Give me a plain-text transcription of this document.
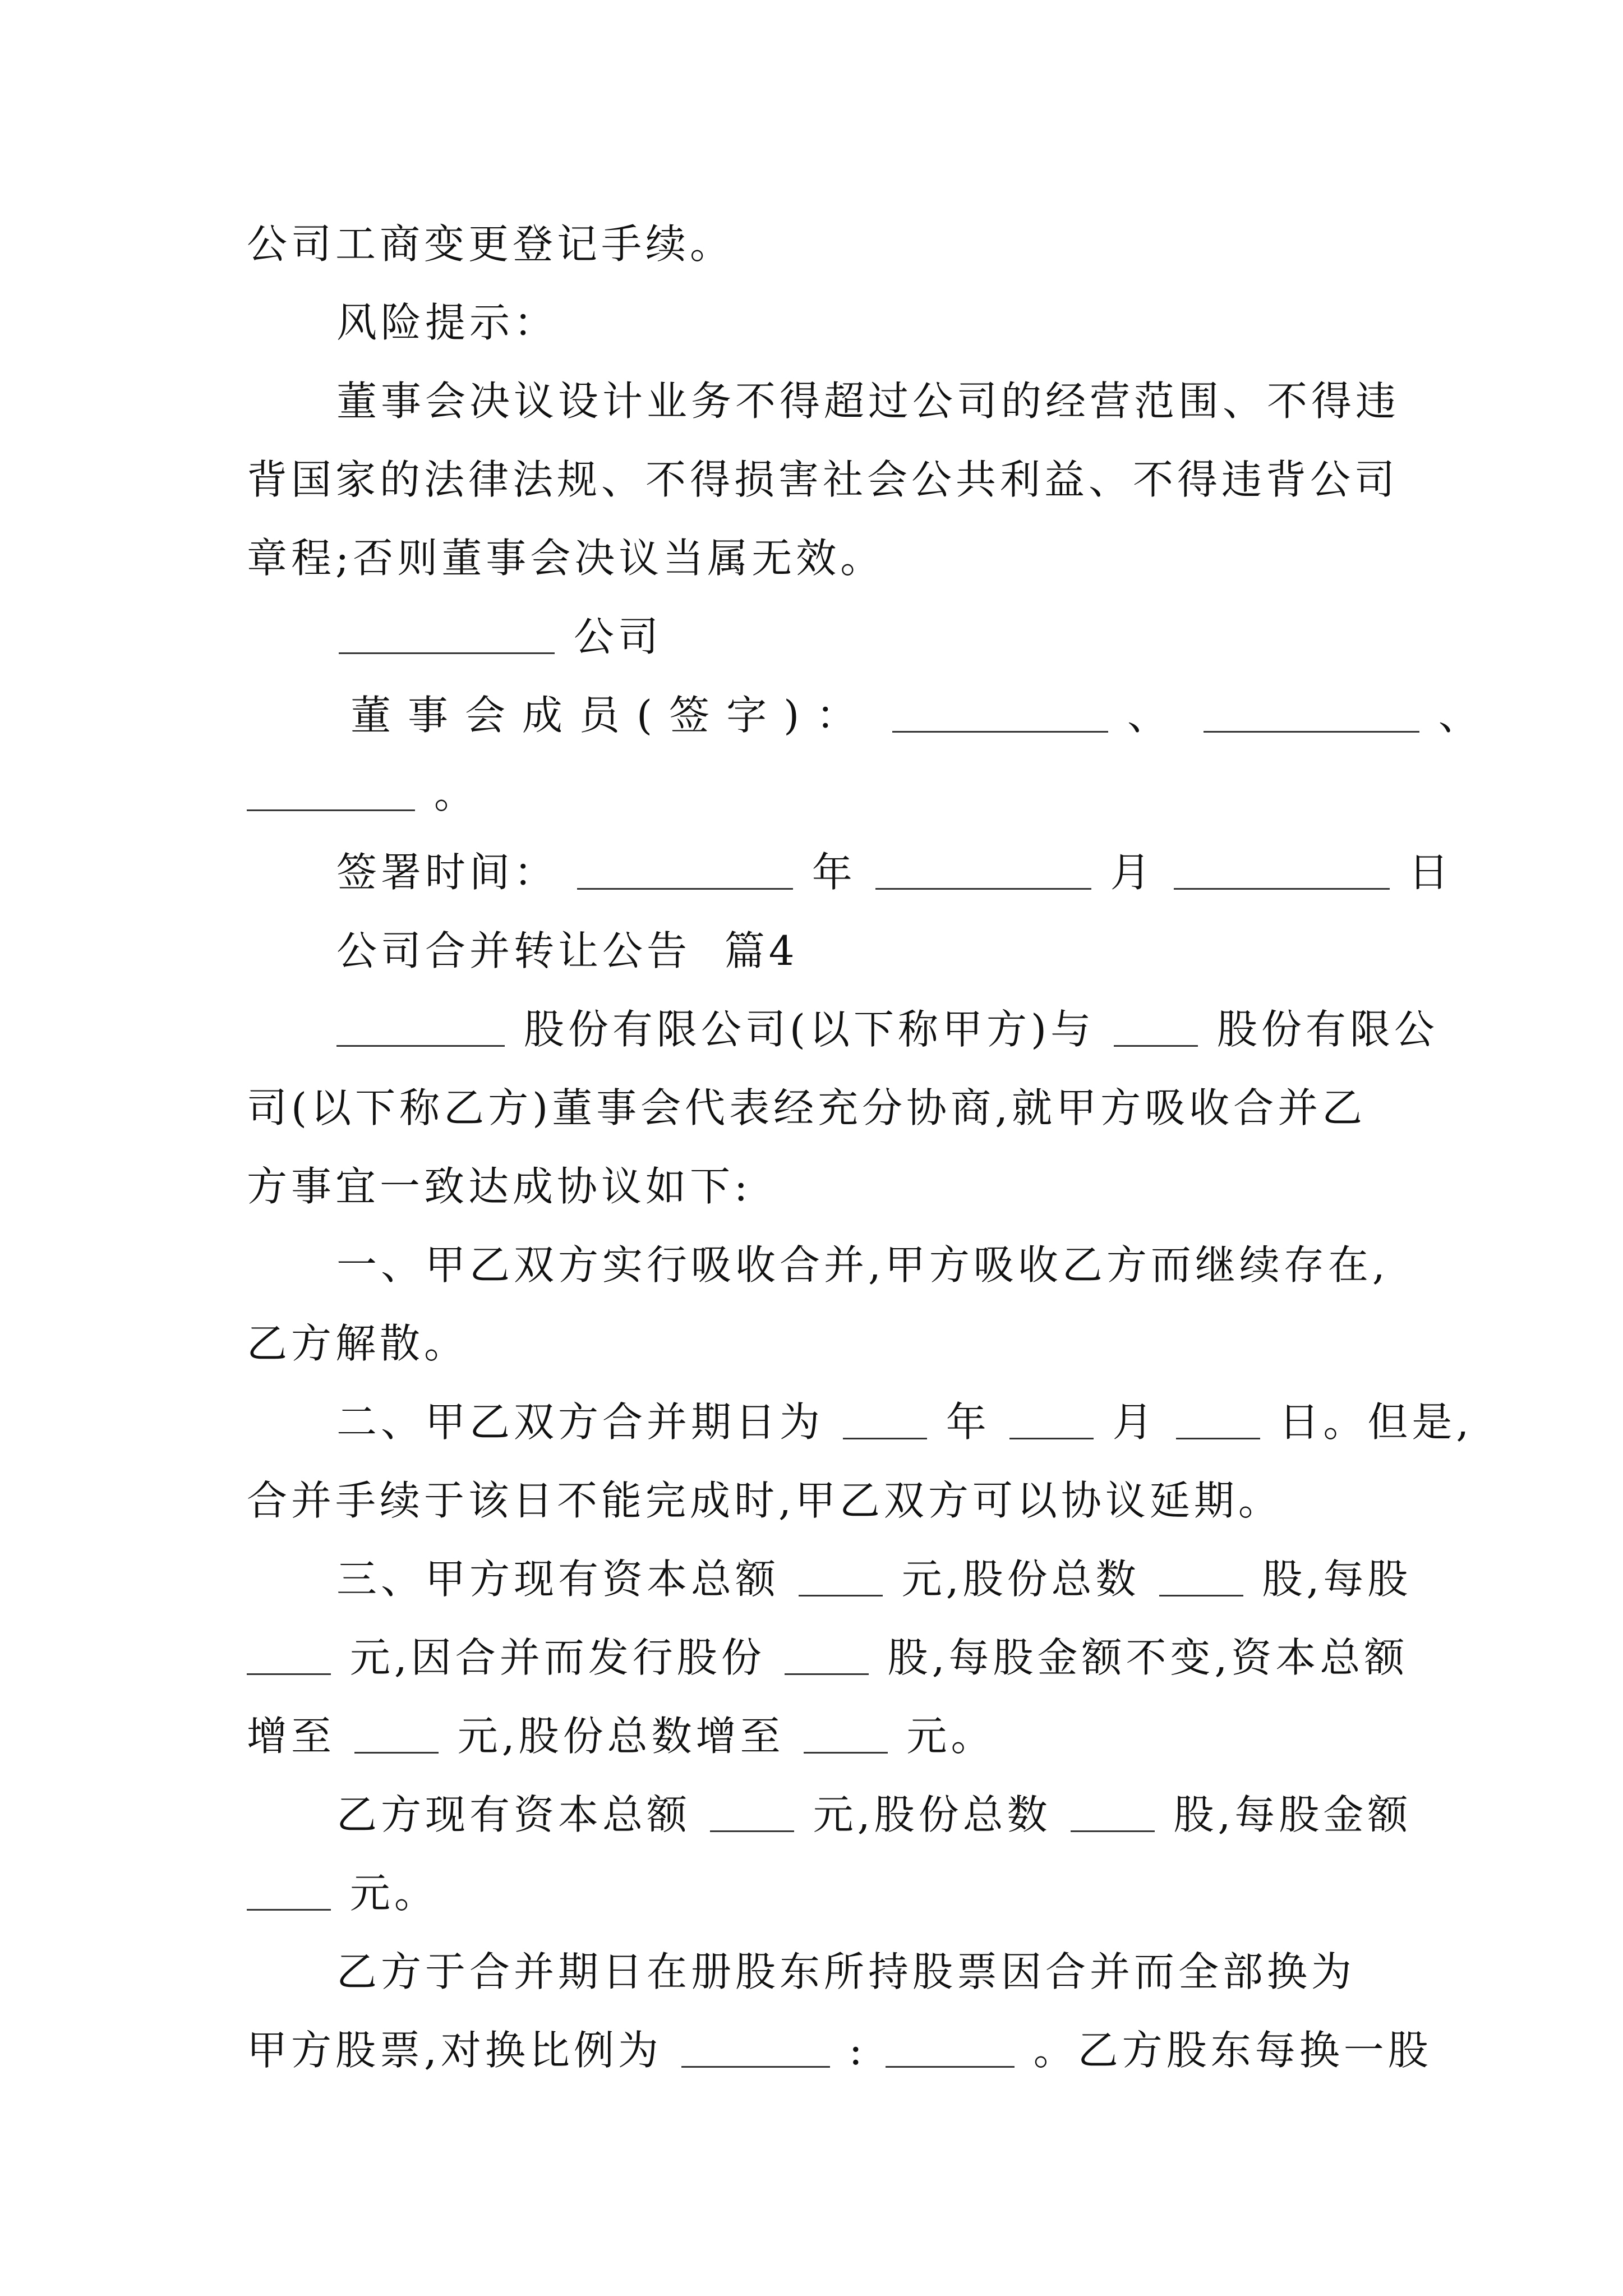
公司工商变更登记手续。
风险提示：
董事会决议设计业务不得超过公司的经营范围、不得违
背国家的法律法规、不得损害社会公共利益、不得违背公司
章程;否则董事会决议当属无效。
公司
董事会成员(签字)：	、	、
。
签署时间：	年	月	日
公司合并转让公告  篇4
股份有限公司(以下称甲方)与	股份有限公
司(以下称乙方)董事会代表经充分协商,就甲方吸收合并乙
方事宜一致达成协议如下:
一、甲乙双方实行吸收合并,甲方吸收乙方而继续存在,
乙方解散。
二、甲乙双方合并期日为	年	月	日。但是,
合并手续于该日不能完成时,甲乙双方可以协议延期。
三、甲方现有资本总额	元,股份总数	股,每股
元,因合并而发行股份	股,每股金额不变,资本总额
增至	元,股份总数增至	元。
乙方现有资本总额	元,股份总数	股,每股金额
元。
乙方于合并期日在册股东所持股票因合并而全部换为
甲方股票,对换比例为	:	。乙方股东每换一股
